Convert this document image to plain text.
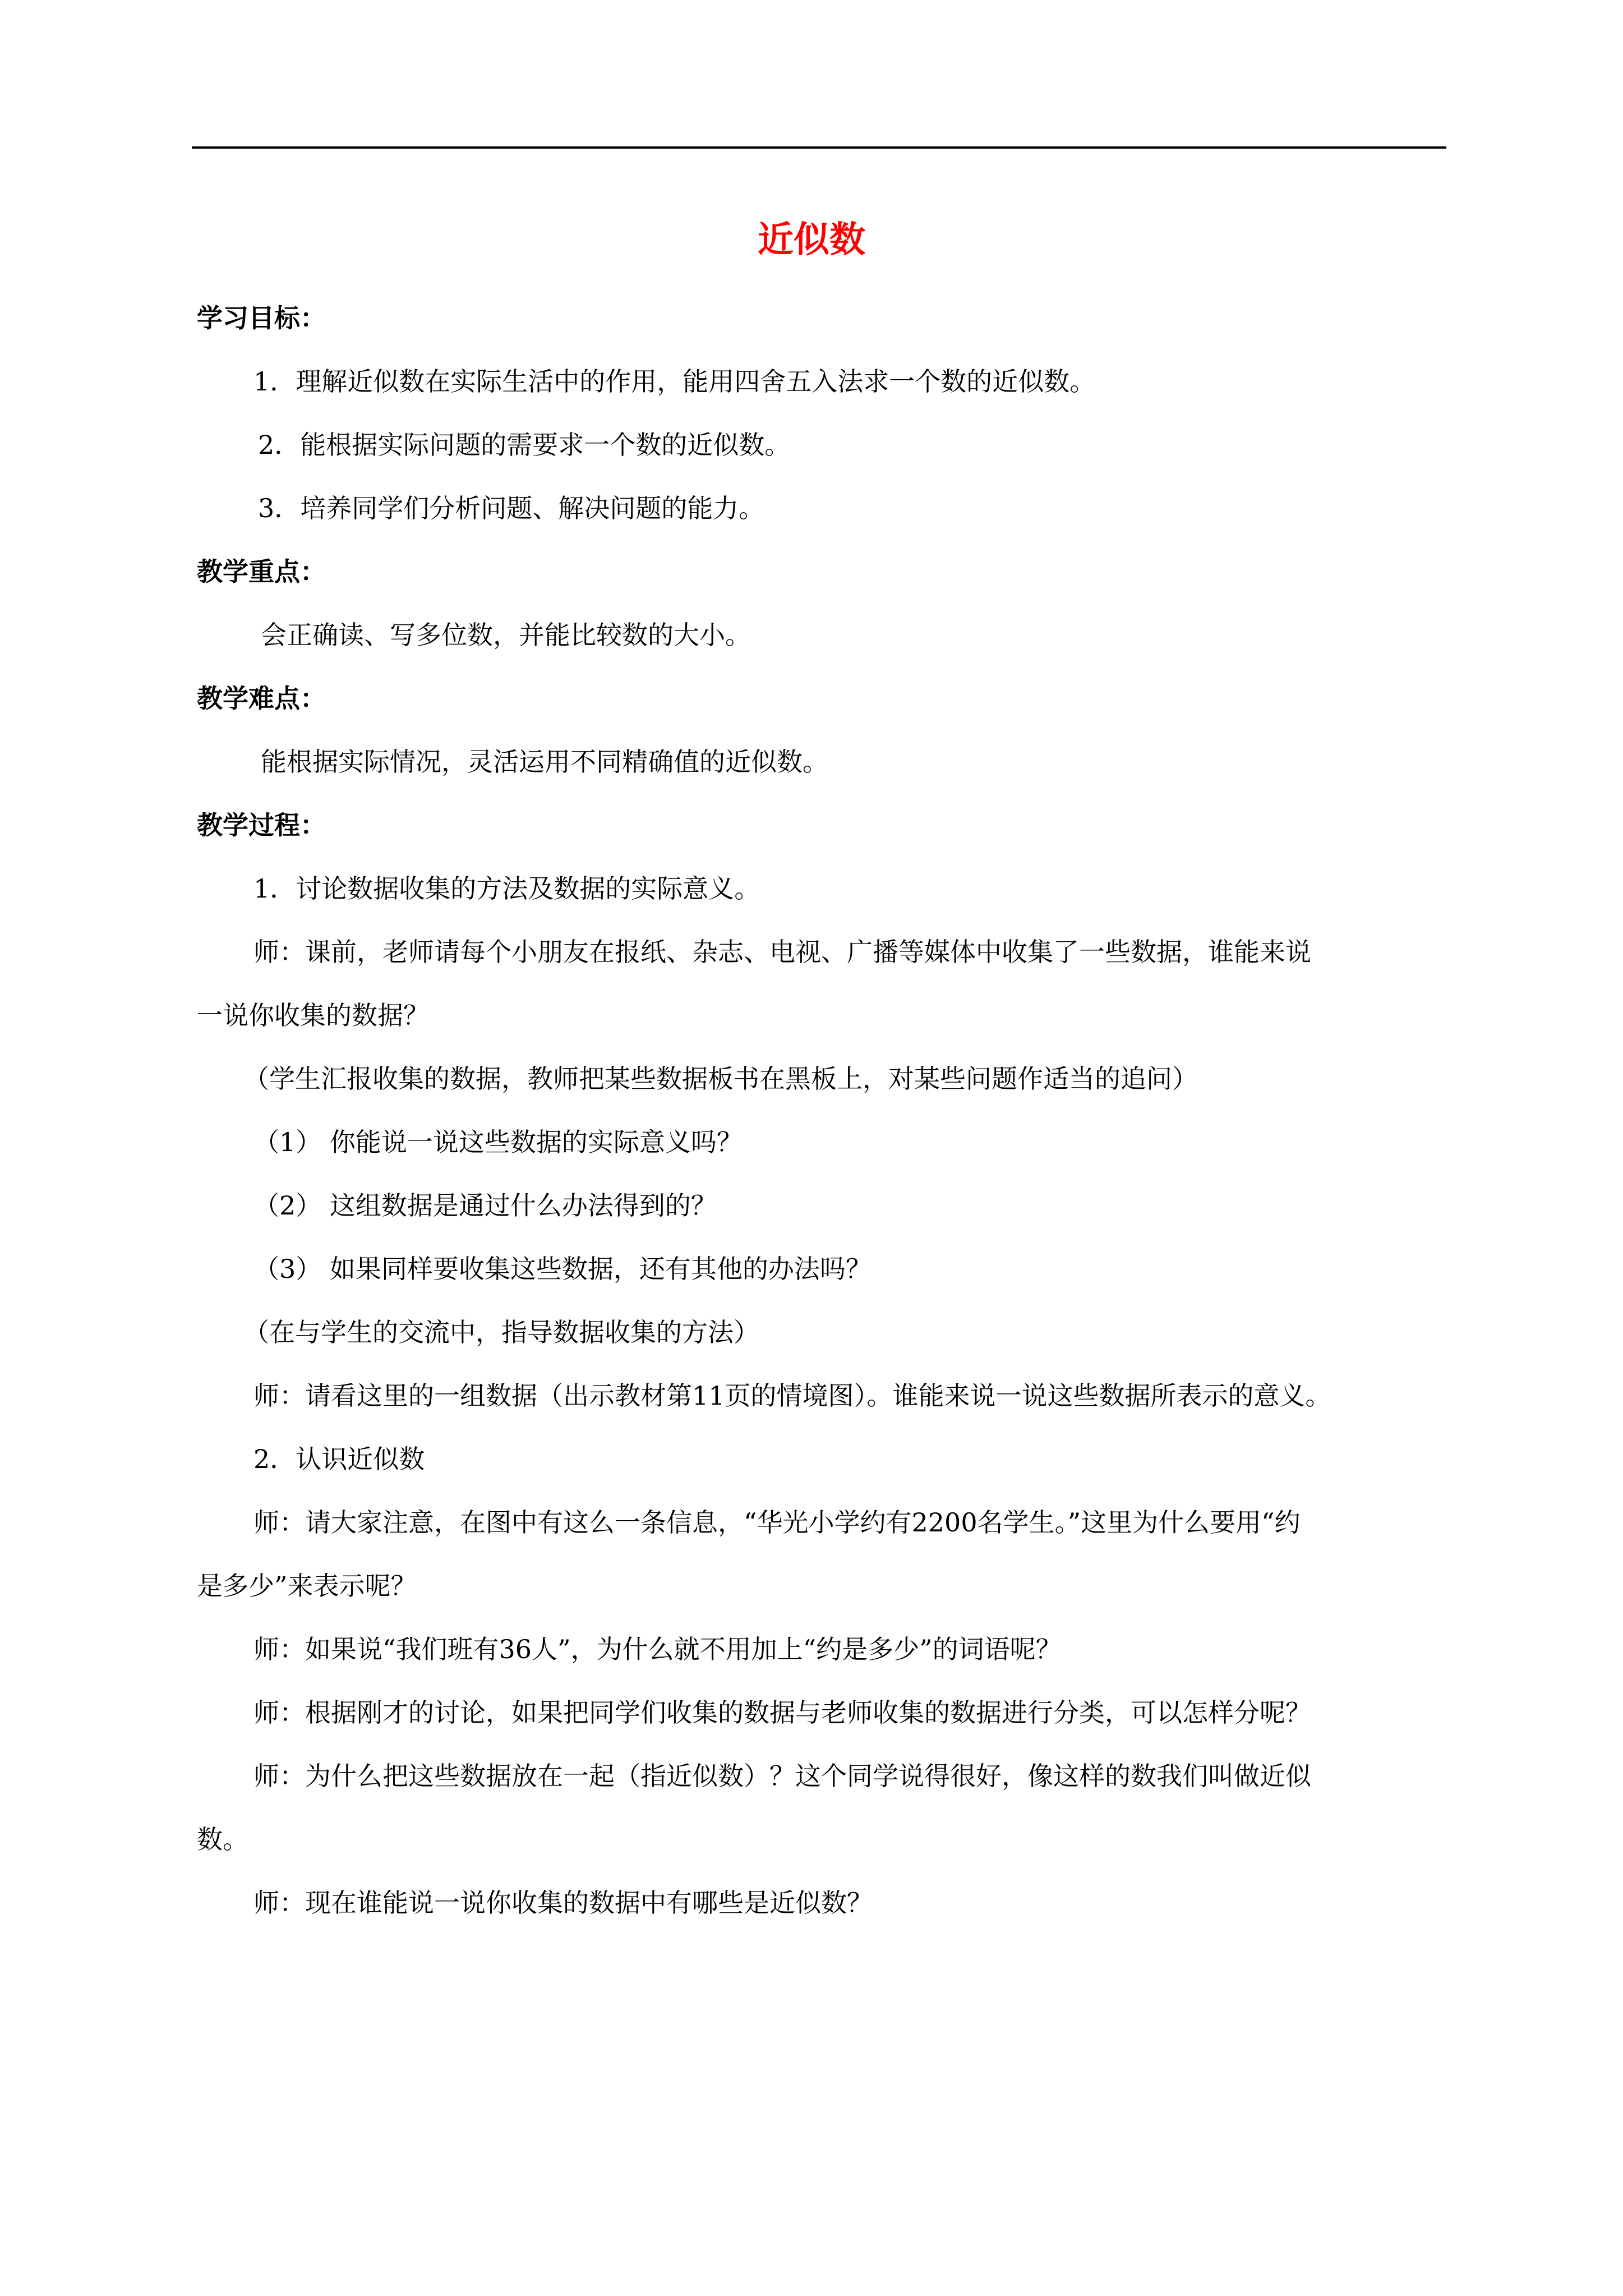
近似数
学习目标：
1．理解近似数在实际生活中的作用，能用四舍五入法求一个数的近似数。
2．能根据实际问题的需要求一个数的近似数。
3．培养同学们分析问题、解决问题的能力。
教学重点：
会正确读、写多位数，并能比较数的大小。
教学难点：
能根据实际情况，灵活运用不同精确值的近似数。
教学过程：
1．讨论数据收集的方法及数据的实际意义。
师：课前，老师请每个小朋友在报纸、杂志、电视、广播等媒体中收集了一些数据，谁能来说
一说你收集的数据？
（学生汇报收集的数据，教师把某些数据板书在黑板上，对某些问题作适当的追问）
（1） 你能说一说这些数据的实际意义吗？
（2） 这组数据是通过什么办法得到的？
（3） 如果同样要收集这些数据，还有其他的办法吗？
（在与学生的交流中，指导数据收集的方法）
师：请看这里的一组数据（出示教材第11页的情境图）。谁能来说一说这些数据所表示的意义。
2．认识近似数
师：请大家注意，在图中有这么一条信息，“华光小学约有2200名学生。”这里为什么要用“约
是多少”来表示呢？
师：如果说“我们班有36人”，为什么就不用加上“约是多少”的词语呢？
师：根据刚才的讨论，如果把同学们收集的数据与老师收集的数据进行分类，可以怎样分呢？
师：为什么把这些数据放在一起（指近似数）？这个同学说得很好，像这样的数我们叫做近似
数。
师：现在谁能说一说你收集的数据中有哪些是近似数？
